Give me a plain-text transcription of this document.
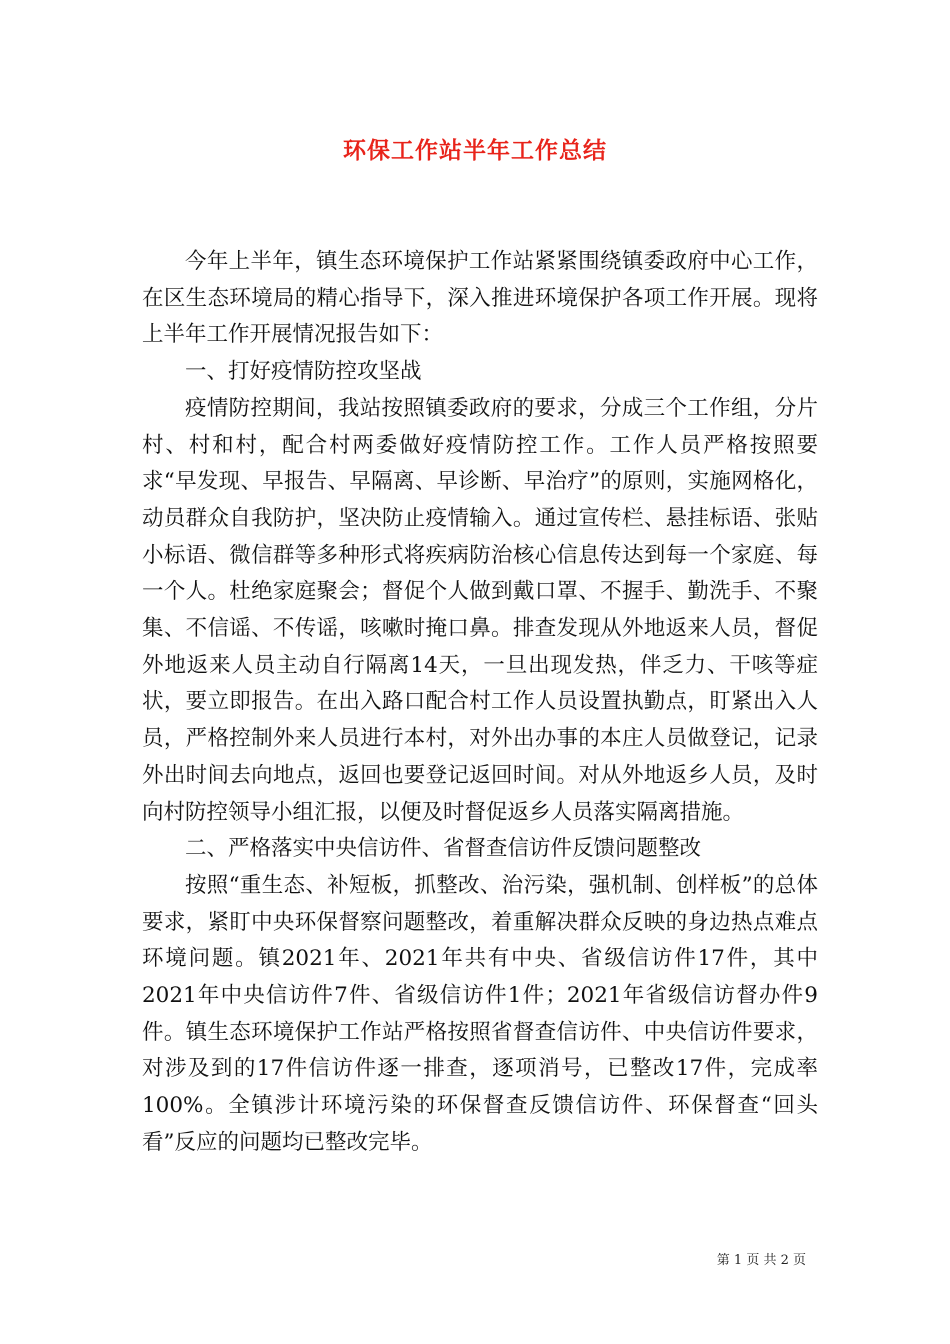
环保工作站半年工作总结

今年上半年，镇生态环境保护工作站紧紧围绕镇委政府中心工作，在区生态环境局的精心指导下，深入推进环境保护各项工作开展。现将上半年工作开展情况报告如下：

一、打好疫情防控攻坚战

疫情防控期间，我站按照镇委政府的要求，分成三个工作组，分片村、村和村，配合村两委做好疫情防控工作。工作人员严格按照要求“早发现、早报告、早隔离、早诊断、早治疗”的原则，实施网格化，动员群众自我防护，坚决防止疫情输入。通过宣传栏、悬挂标语、张贴小标语、微信群等多种形式将疾病防治核心信息传达到每一个家庭、每一个人。杜绝家庭聚会；督促个人做到戴口罩、不握手、勤洗手、不聚集、不信谣、不传谣，咳嗽时掩口鼻。排查发现从外地返来人员，督促外地返来人员主动自行隔离14天，一旦出现发热，伴乏力、干咳等症状，要立即报告。在出入路口配合村工作人员设置执勤点，盯紧出入人员，严格控制外来人员进行本村，对外出办事的本庄人员做登记，记录外出时间去向地点，返回也要登记返回时间。对从外地返乡人员，及时向村防控领导小组汇报，以便及时督促返乡人员落实隔离措施。

二、严格落实中央信访件、省督查信访件反馈问题整改

按照“重生态、补短板，抓整改、治污染，强机制、创样板”的总体要求，紧盯中央环保督察问题整改，着重解决群众反映的身边热点难点环境问题。镇2021年、2021年共有中央、省级信访件17件，其中2021年中央信访件7件、省级信访件1件；2021年省级信访督办件9件。镇生态环境保护工作站严格按照省督查信访件、中央信访件要求，对涉及到的17件信访件逐一排查，逐项消号，已整改17件，完成率100%。全镇涉计环境污染的环保督查反馈信访件、环保督查“回头看”反应的问题均已整改完毕。

第 1 页 共 2 页
